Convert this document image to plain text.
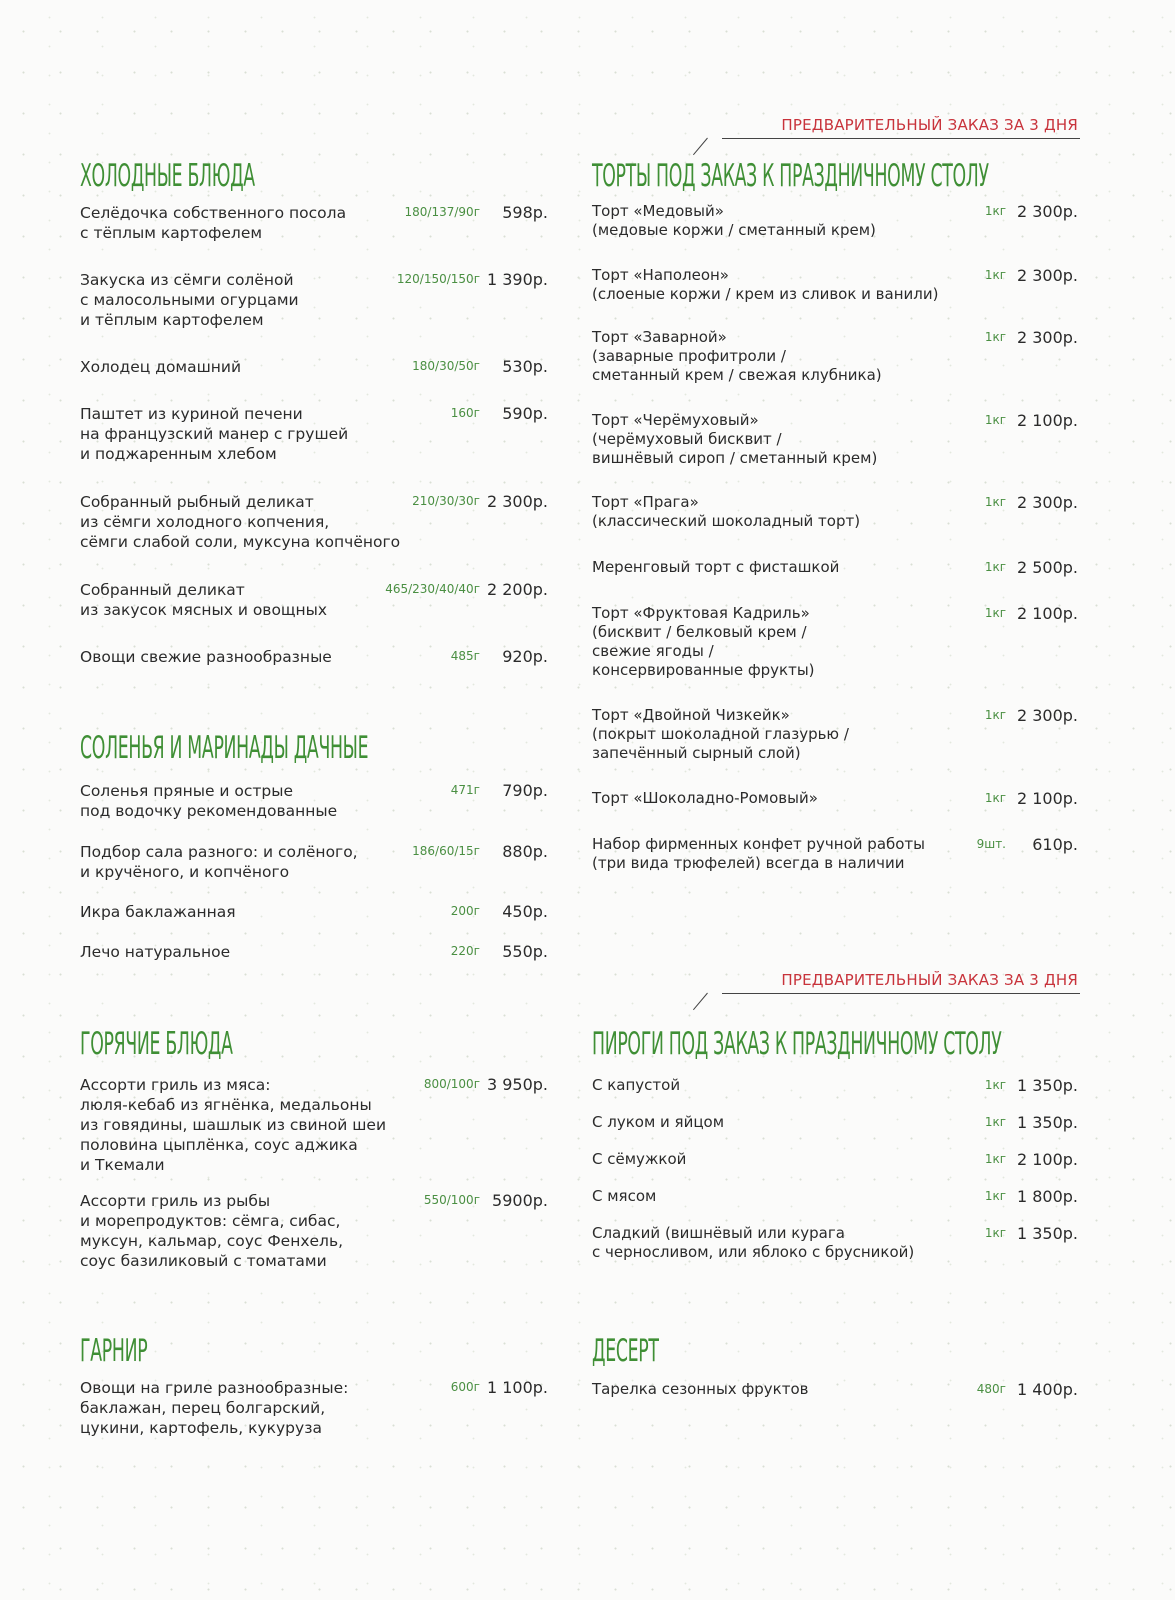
ХОЛОДНЫЕ БЛЮДА
Селёдочка собственного посола
с тёплым картофелем
180/137/90г 598р.
Закуска из сёмги солёной
с малосольными огурцами
и тёплым картофелем
120/150/150г 1 390р.
Холодец домашний	180/30/50г 530р.
Паштет из куриной печени
на французский манер с грушей
и поджаренным хлебом
160г 590р.
Собранный рыбный деликат
из сёмги холодного копчения,
сёмги слабой соли, муксуна копчёного
210/30/30г 2 300р.
Собранный деликат
из закусок мясных и овощных
465/230/40/40г 2 200р.
Овощи свежие разнообразные	485г 920р.
СОЛЕНЬЯ И МАРИНАДЫ ДАЧНЫЕ
Соленья пряные и острые
под водочку рекомендованные
471г 790р.
Подбор сала разного: и солёного,
и кручёного, и копчёного
186/60/15г 880р.
Икра баклажанная	200г 450р.
Лечо натуральное	220г 550р.
ГОРЯЧИЕ БЛЮДА
Ассорти гриль из мяса:
люля-кебаб из ягнёнка, медальоны
из говядины, шашлык из свиной шеи
половина цыплёнка, соус аджика
и Ткемали
800/100г 3 950р.
Ассорти гриль из рыбы
и морепродуктов: сёмга, сибас,
муксун, кальмар, соус Фенхель,
соус базиликовый с томатами
550/100г 5900р.
ГАРНИР
Овощи на гриле разнообразные:
баклажан, перец болгарский,
цукини, картофель, кукуруза
600г 1 100р.
ПРЕДВАРИТЕЛЬНЫЙ ЗАКАЗ ЗА 3 ДНЯ
ТОРТЫ ПОД ЗАКАЗ К ПРАЗДНИЧНОМУ СТОЛУ
Торт «Медовый»
(медовые коржи / сметанный крем)
1кг 2 300р.
Торт «Наполеон»
(слоеные коржи / крем из сливок и ванили)
1кг 2 300р.
Торт «Заварной»
(заварные профитроли /
сметанный крем / свежая клубника)
1кг 2 300р.
Торт «Черёмуховый»
(черёмуховый бисквит /
вишнёвый сироп / сметанный крем)
1кг 2 100р.
Торт «Прага»
(классический шоколадный торт)
1кг 2 300р.
Меренговый торт с фисташкой	1кг 2 500р.
Торт «Фруктовая Кадриль»
(бисквит / белковый крем /
свежие ягоды /
консервированные фрукты)
1кг 2 100р.
Торт «Двойной Чизкейк»
(покрыт шоколадной глазурью /
запечённый сырный слой)
1кг 2 300р.
Торт «Шоколадно-Ромовый»	1кг 2 100р.
Набор фирменных конфет ручной работы
(три вида трюфелей) всегда в наличии
9шт. 610р.
ПРЕДВАРИТЕЛЬНЫЙ ЗАКАЗ ЗА 3 ДНЯ
ПИРОГИ ПОД ЗАКАЗ К ПРАЗДНИЧНОМУ СТОЛУ
С капустой	1кг 1 350р.
С луком и яйцом	1кг 1 350р.
С сёмужкой	1кг 2 100р.
С мясом	1кг 1 800р.
Сладкий (вишнёвый или курага
с черносливом, или яблоко с брусникой)
1кг 1 350р.
ДЕСЕРТ
Тарелка сезонных фруктов	480г 1 400р.
